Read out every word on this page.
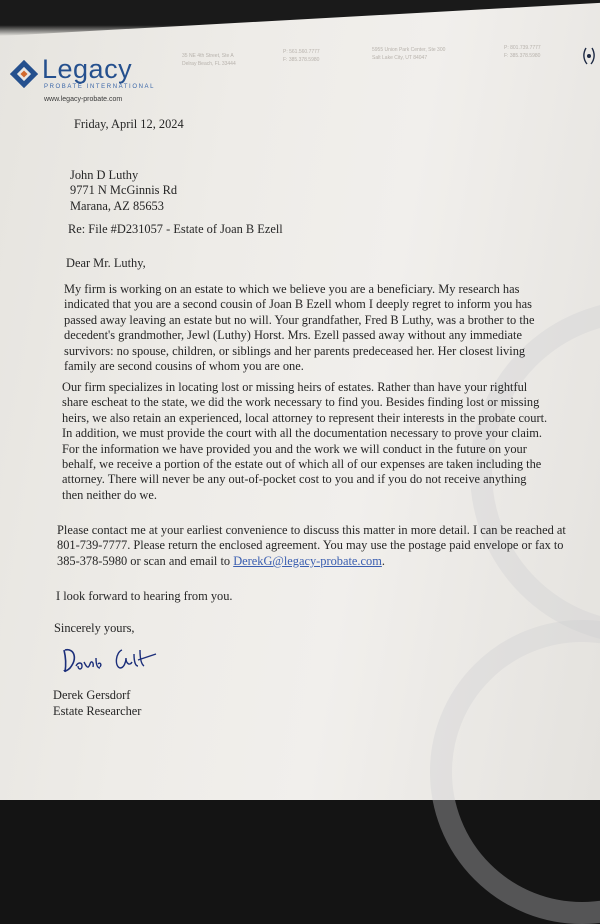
Legacy
PROBATE INTERNATIONAL
www.legacy-probate.com
35 NE 4th Street, Ste A
Delray Beach, FL 33444
P: 561.560.7777
F: 385.378.5980
5955 Union Park Center, Ste 300
Salt Lake City, UT 84047
P: 801.739.7777
F: 385.378.5980
Friday, April 12, 2024
John D Luthy
9771 N McGinnis Rd
Marana, AZ 85653
Re: File #D231057 - Estate of Joan B Ezell
Dear Mr. Luthy,
My firm is working on an estate to which we believe you are a beneficiary. My research has
indicated that you are a second cousin of Joan B Ezell whom I deeply regret to inform you has
passed away leaving an estate but no will. Your grandfather, Fred B Luthy, was a brother to the
decedent's grandmother, Jewl (Luthy) Horst. Mrs. Ezell passed away without any immediate
survivors: no spouse, children, or siblings and her parents predeceased her. Her closest living
family are second cousins of whom you are one.
Our firm specializes in locating lost or missing heirs of estates. Rather than have your rightful
share escheat to the state, we did the work necessary to find you. Besides finding lost or missing
heirs, we also retain an experienced, local attorney to represent their interests in the probate court.
In addition, we must provide the court with all the documentation necessary to prove your claim.
For the information we have provided you and the work we will conduct in the future on your
behalf, we receive a portion of the estate out of which all of our expenses are taken including the
attorney. There will never be any out-of-pocket cost to you and if you do not receive anything
then neither do we.
Please contact me at your earliest convenience to discuss this matter in more detail. I can be reached at
801-739-7777. Please return the enclosed agreement. You may use the postage paid envelope or fax to
385-378-5980 or scan and email to DerekG@legacy-probate.com.
I look forward to hearing from you.
Sincerely yours,
Derek Gersdorf
Estate Researcher
